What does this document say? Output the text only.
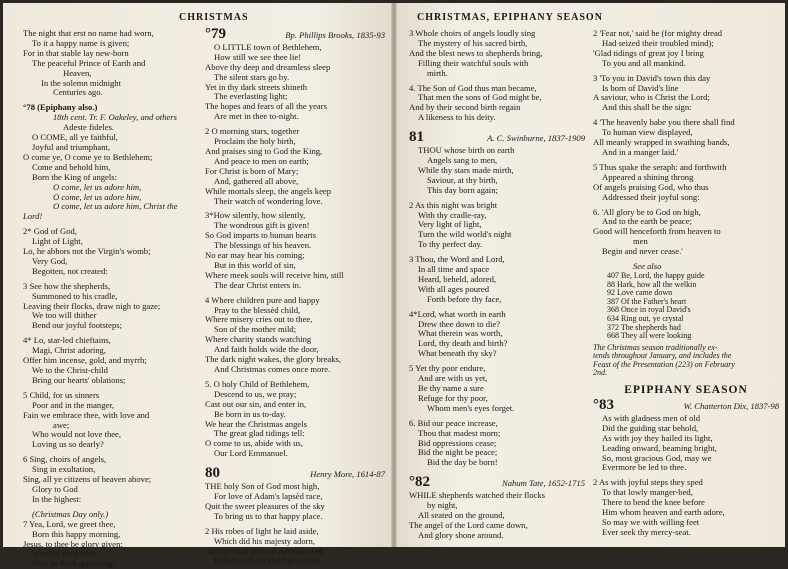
CHRISTMAS
The night that erst no name had worn,
To it a happy name is given;
For in that stable lay new-born
The peaceful Prince of Earth and
Heaven,
In the solemn midnight
Centuries ago.
°78 (Epiphany also.)
18th cent. Tr. F. Oakeley, and others
Adeste fideles.
O COME, all ye faithful,
Joyful and triumphant,
O come ye, O come ye to Bethlehem;
Come and behold him,
Born the King of angels:
O come, let us adore him,
O come, let us adore him,
O come, let us adore him, Christ the
Lord!
2* God of God,
Light of Light,
Lo, he abhors not the Virgin's womb;
Very God,
Begotten, not created:
3 See how the shepherds,
Summoned to his cradle,
Leaving their flocks, draw nigh to gaze;
We too will thither
Bend our joyful footsteps;
4* Lo, star-led chieftains,
Magi, Christ adoring,
Offer him incense, gold, and myrrh;
We to the Christ-child
Bring our hearts' oblations;
5 Child, for us sinners
Poor and in the manger,
Fain we embrace thee, with love and
awe;
Who would not love thee,
Loving us so dearly?
6 Sing, choirs of angels,
Sing in exultation,
Sing, all ye citizens of heaven above;
Glory to God
In the highest:
(Christmas Day only.)
7 Yea, Lord, we greet thee,
Born this happy morning,
Jesus, to thee be glory given;
Word of the Father
Now in flesh appearing;
°79	Bp. Phillips Brooks, 1835-93
O LITTLE town of Bethlehem,
How still we see thee lie!
Above thy deep and dreamless sleep
The silent stars go by.
Yet in thy dark streets shineth
The everlasting light;
The hopes and fears of all the years
Are met in thee to-night.
2 O morning stars, together
Proclaim the holy birth,
And praises sing to God the King,
And peace to men on earth;
For Christ is born of Mary;
And, gathered all above,
While mortals sleep, the angels keep
Their watch of wondering love.
3*How silently, how silently,
The wondrous gift is given!
So God imparts to human hearts
The blessings of his heaven.
No ear may hear his coming;
But in this world of sin,
Where meek souls will receive him, still
The dear Christ enters in.
4 Where children pure and happy
Pray to the blessèd child,
Where misery cries out to thee,
Son of the mother mild;
Where charity stands watching
And faith holds wide the door,
The dark night wakes, the glory breaks,
And Christmas comes once more.
5. O holy Child of Bethlehem,
Descend to us, we pray;
Cast out our sin, and enter in,
Be born in us to-day.
We hear the Christmas angels
The great glad tidings tell:
O come to us, abide with us,
Our Lord Emmanuel.
80	Henry More, 1614-87
THE holy Son of God most high,
For love of Adam's lapsèd race,
Quit the sweet pleasures of the sky
To bring us to that happy place.
2 His robes of light he laid aside,
Which did his majesty adorn,
And the frail state of mortals tried,
In human flesh and figure born.
CHRISTMAS, EPIPHANY SEASON
3 Whole choirs of angels loudly sing
The mystery of his sacred birth,
And the blest news to shepherds bring,
Filling their watchful souls with
mirth.
4. The Son of God thus man became,
That men the sons of God might be,
And by their second birth regain
A likeness to his deity.
81	A. C. Swinburne, 1837-1909
THOU whose birth on earth
Angels sang to men,
While thy stars made mirth,
Saviour, at thy birth,
This day born again;
2 As this night was bright
With thy cradle-ray,
Very light of light,
Turn the wild world's night
To thy perfect day.
3 Thou, the Word and Lord,
In all time and space
Heard, beheld, adored,
With all ages poured
Forth before thy face,
4*Lord, what worth in earth
Drew thee down to die?
What therein was worth,
Lord, thy death and birth?
What beneath thy sky?
5 Yet thy poor endure,
And are with us yet,
Be thy name a sure
Refuge for thy poor,
Whom men's eyes forget.
6. Bid our peace increase,
Thou that madest morn;
Bid oppressions cease;
Bid the night be peace;
Bid the day be born!
°82	Nahum Tate, 1652-1715
WHILE shepherds watched their flocks
by night,
All seated on the ground,
The angel of the Lord came down,
And glory shone around.
2 'Fear not,' said he (for mighty dread
Had seized their troubled mind);
'Glad tidings of great joy I bring
To you and all mankind.
3 'To you in David's town this day
Is born of David's line
A saviour, who is Christ the Lord;
And this shall be the sign:
4 'The heavenly babe you there shall find
To human view displayed,
All meanly wrapped in swathing bands,
And in a manger laid.'
5 Thus spake the seraph: and forthwith
Appeared a shining throng
Of angels praising God, who thus
Addressed their joyful song:
6. 'All glory be to God on high,
And to the earth be peace;
Good will henceforth from heaven to
men
Begin and never cease.'
See also
407 Be, Lord, the happy guide
88 Hark, how all the welkin
92 Love came down
387 Of the Father's heart
368 Once in royal David's
634 Ring out, ye crystal
372 The shepherds had
668 They all were looking
The Christmas season traditionally ex-
tends throughout January, and includes the
Feast of the Presentation (223) on February
2nd.
EPIPHANY SEASON
°83	W. Chatterton Dix, 1837-98
As with gladness men of old
Did the guiding star behold,
As with joy they hailed its light,
Leading onward, beaming bright,
So, most gracious God, may we
Evermore be led to thee.
2 As with joyful steps they sped
To that lowly manger-bed,
There to bend the knee before
Him whom heaven and earth adore,
So may we with willing feet
Ever seek thy mercy-seat.
